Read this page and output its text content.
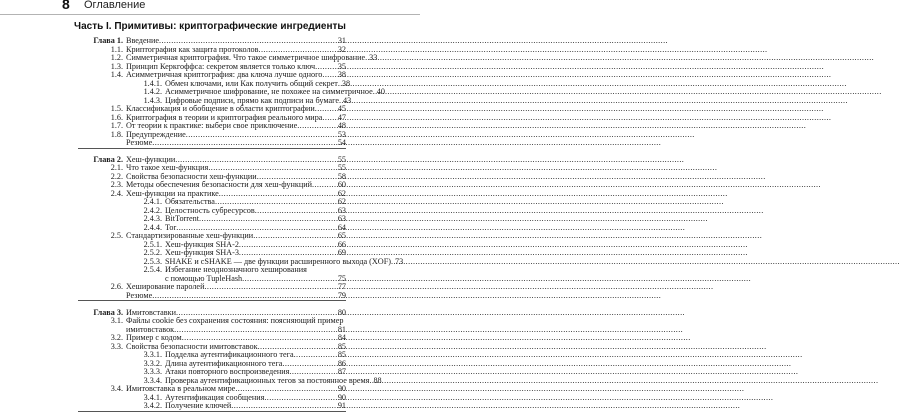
8 Оглавление
Часть I. Примитивы: криптографические ингредиенты
Глава 1. Введение .....	31
1.1. Криптография как защита протоколов .....	32
1.2. Симметричная криптография. Что такое симметричное шифрование ..... 33
1.3. Принцип Керкгоффса: секретом является только ключ .....	35
1.4. Асимметричная криптография: два ключа лучше одного ..... 38
1.4.1. Обмен ключами, или Как получить общий секрет ..... 38
1.4.2. Асимметричное шифрование, не похожее на симметричное ..... 40
1.4.3. Цифровые подписи, прямо как подписи на бумаге ..... 43
1.5. Классификация и обобщение в области криптографии .....	45
1.6. Криптография в теории и криптография реального мира ..... 47
1.7. От теории к практике: выбери свое приключение .....	48
1.8. Предупреждение .....	53
Резюме .....	54
Глава 2. Хеш-функции .....	55
2.1. Что такое хеш-функция .....	55
2.2. Свойства безопасности хеш-функции .....	58
2.3. Методы обеспечения безопасности для хеш-функций .....	60
2.4. Хеш-функции на практике .....	62
2.4.1. Обязательства .....	62
2.4.2. Целостность субресурсов .....	63
2.4.3. BitTorrent .....	63
2.4.4. Tor .....	64
2.5. Стандартизированные хеш-функции .....	65
2.5.1. Хеш-функция SHA-2 .....	66
2.5.2. Хеш-функция SHA-3 .....	69
2.5.3. SHAKE и cSHAKE — две функции расширенного выхода (XOF) ..... 73
2.5.4. Избегание неоднозначного хеширования
с помощью TupleHash .....	75
2.6. Хеширование паролей .....	77
Резюме .....	79
Глава 3. Имитовставки .....	80
3.1. Файлы cookie без сохранения состояния: поясняющий пример
имитовставок .....	81
3.2. Пример с кодом .....	84
3.3. Свойства безопасности имитовставок .....	85
3.3.1. Подделка аутентификационного тега .....	85
3.3.2. Длина аутентификационного тега .....	86
3.3.3. Атаки повторного воспроизведения .....	87
3.3.4. Проверка аутентификационных тегов за постоянное время ..... 88
3.4. Имитовставка в реальном мире .....	90
3.4.1. Аутентификация сообщения .....	90
3.4.2. Получение ключей .....	91
